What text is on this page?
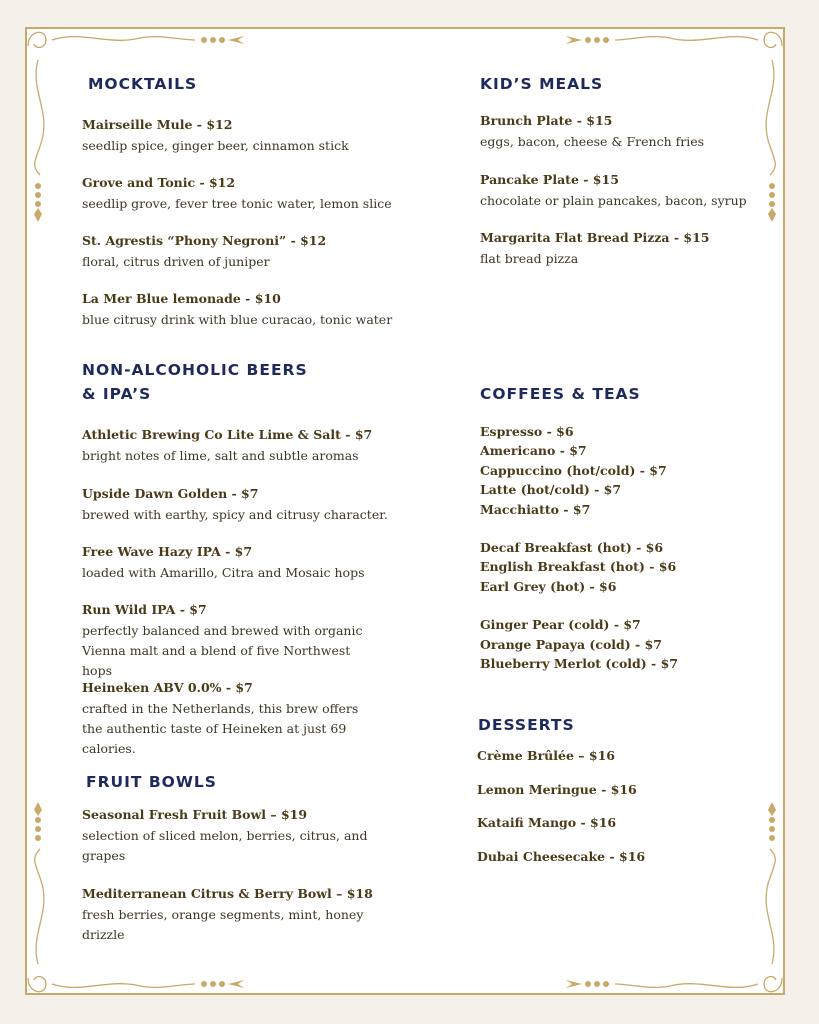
MOCKTAILS
Mairseille Mule - $12
seedlip spice, ginger beer, cinnamon stick
Grove and Tonic - $12
seedlip grove, fever tree tonic water, lemon slice
St. Agrestis “Phony Negroni” - $12
floral, citrus driven of juniper
La Mer Blue lemonade - $10
blue citrusy drink with blue curacao, tonic water
NON-ALCOHOLIC BEERS
& IPA’S
Athletic Brewing Co Lite Lime & Salt - $7
bright notes of lime, salt and subtle aromas
Upside Dawn Golden - $7
brewed with earthy, spicy and citrusy character.
Free Wave Hazy IPA - $7
loaded with Amarillo, Citra and Mosaic hops
Run Wild IPA - $7
perfectly balanced and brewed with organic Vienna malt and a blend of five Northwest hops
Heineken ABV 0.0% - $7
crafted in the Netherlands, this brew offers the authentic taste of Heineken at just 69 calories.
FRUIT BOWLS
Seasonal Fresh Fruit Bowl – $19
selection of sliced melon, berries, citrus, and grapes
Mediterranean Citrus & Berry Bowl – $18
fresh berries, orange segments, mint, honey drizzle
KID’S MEALS
Brunch Plate - $15
eggs, bacon, cheese & French fries
Pancake Plate - $15
chocolate or plain pancakes, bacon, syrup
Margarita Flat Bread Pizza - $15
flat bread pizza
COFFEES & TEAS
Espresso - $6
Americano - $7
Cappuccino (hot/cold) - $7
Latte (hot/cold) - $7
Macchiatto - $7
Decaf Breakfast (hot) - $6
English Breakfast (hot) - $6
Earl Grey (hot) - $6
Ginger Pear (cold) - $7
Orange Papaya (cold) - $7
Blueberry Merlot (cold) - $7
DESSERTS
Crème Brûlée – $16
Lemon Meringue - $16
Kataifi Mango - $16
Dubai Cheesecake - $16
